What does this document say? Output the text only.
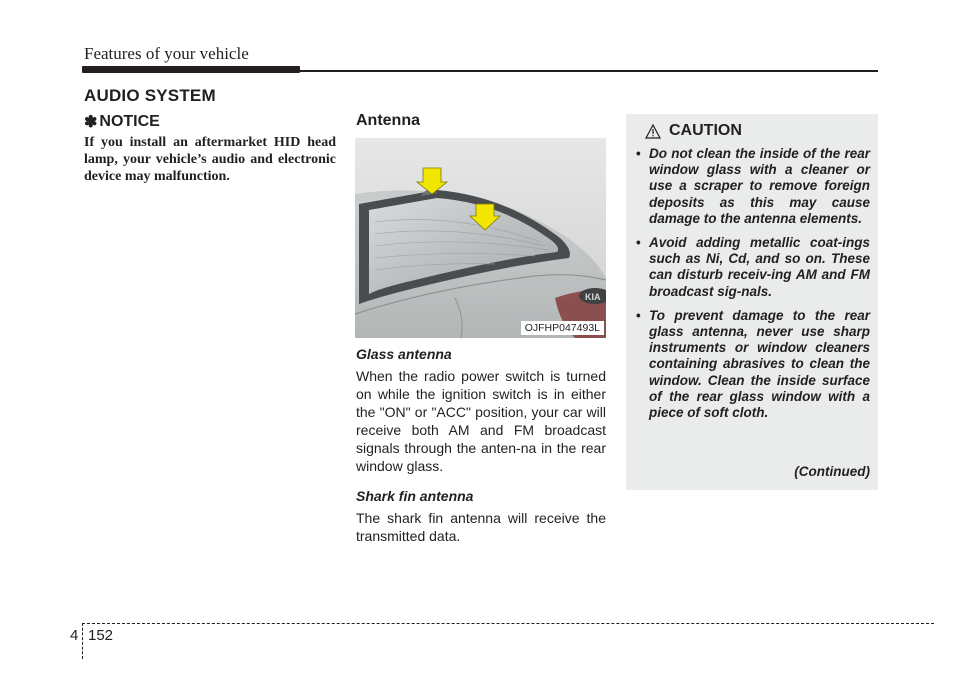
Features of your vehicle
AUDIO SYSTEM
✽ NOTICE
If you install an aftermarket HID head lamp, your vehicle’s audio and electronic device may malfunction.
Antenna
KIA
OJFHP047493L
Glass antenna
When the radio power switch is turned on while the ignition switch is in either the "ON" or "ACC" position, your car will receive both AM and FM broadcast signals through the anten-na in the rear window glass.
Shark fin antenna
The shark fin antenna will receive the transmitted data.
CAUTION
• Do not clean the inside of the rear window glass with a cleaner or use a scraper to remove foreign deposits as this may cause damage to the antenna elements.
• Avoid adding metallic coat-ings such as Ni, Cd, and so on. These can disturb receiv-ing AM and FM broadcast sig-nals.
• To prevent damage to the rear glass antenna, never use sharp instruments or window cleaners containing abrasives to clean the window. Clean the inside surface of the rear glass window with a piece of soft cloth.
(Continued)
4 152
